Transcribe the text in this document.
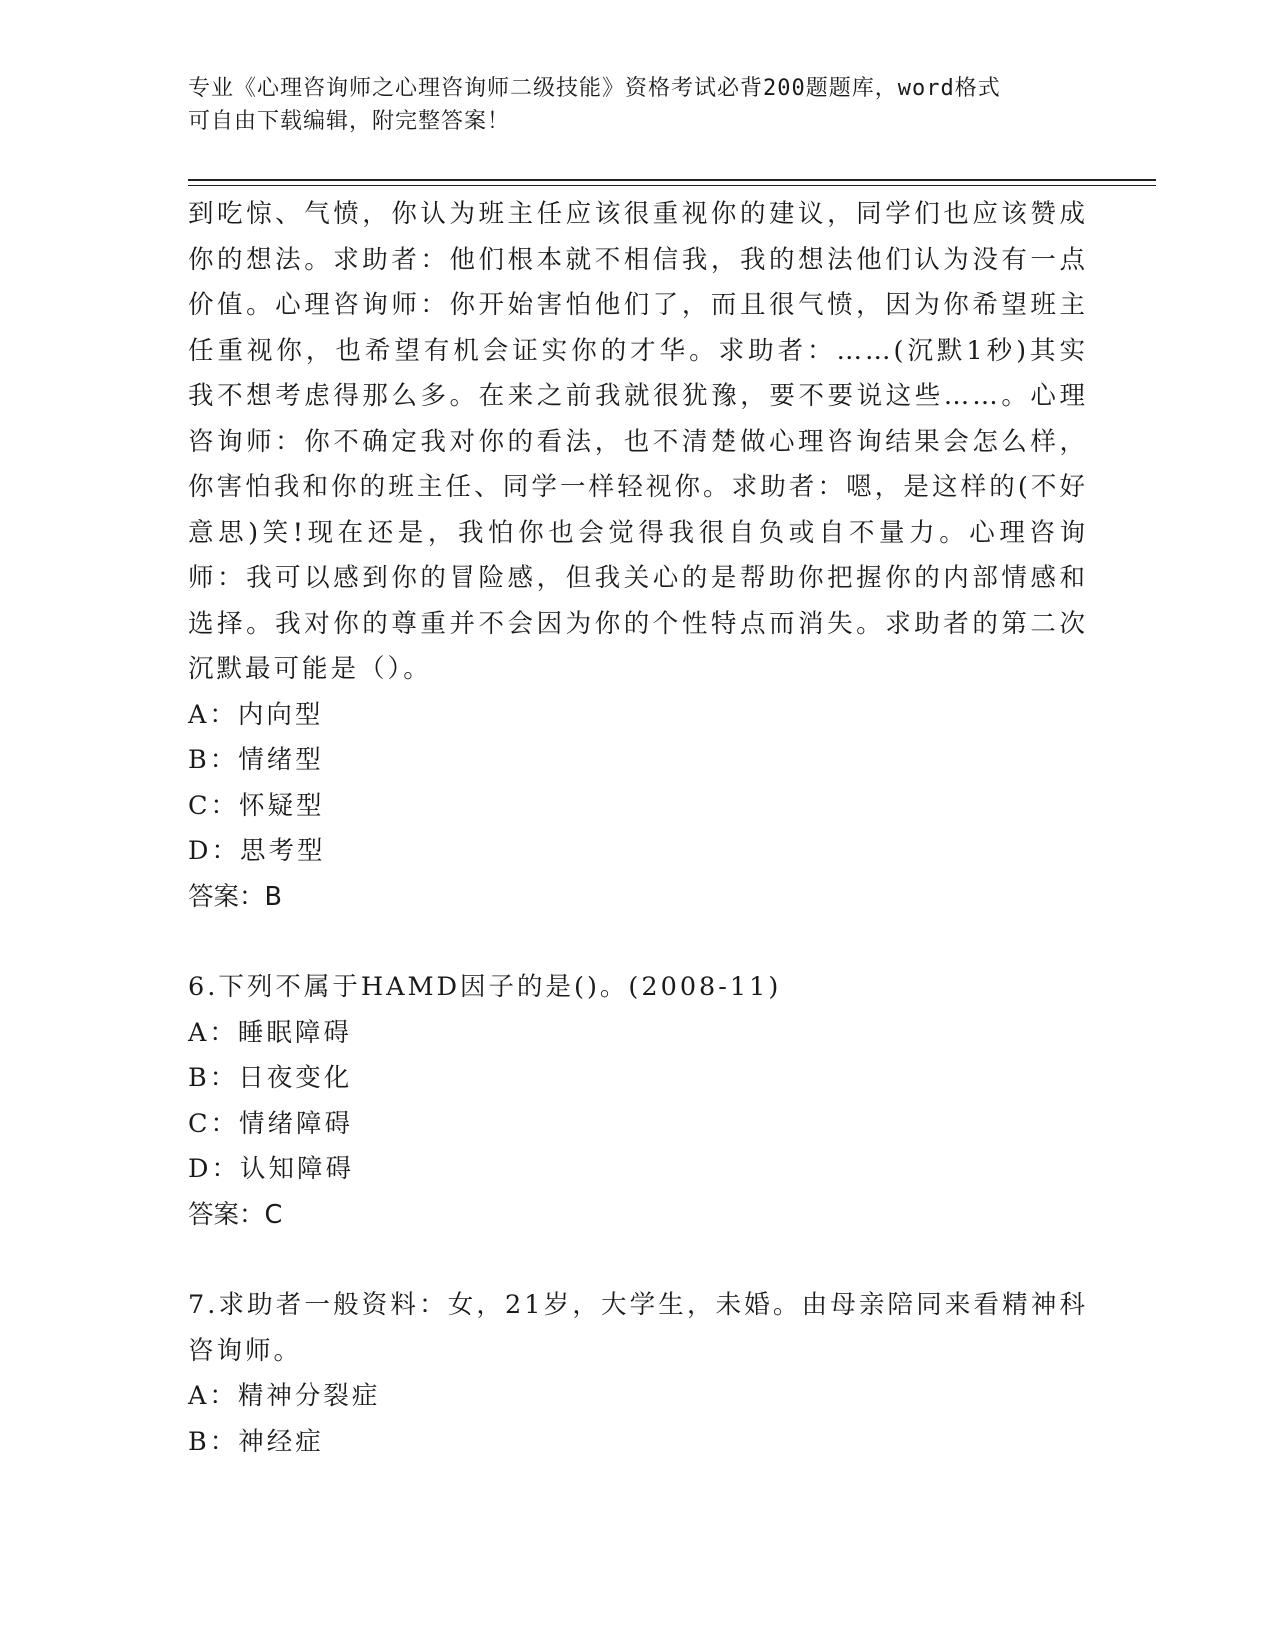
专业《心理咨询师之心理咨询师二级技能》资格考试必背200题题库，word格式
可自由下载编辑，附完整答案！
到吃惊、气愤，你认为班主任应该很重视你的建议，同学们也应该赞成你的想法。求助者：他们根本就不相信我，我的想法他们认为没有一点价值。心理咨询师：你开始害怕他们了，而且很气愤，因为你希望班主任重视你，也希望有机会证实你的才华。求助者：……(沉默1秒)其实我不想考虑得那么多。在来之前我就很犹豫，要不要说这些……。心理咨询师：你不确定我对你的看法，也不清楚做心理咨询结果会怎么样，你害怕我和你的班主任、同学一样轻视你。求助者：嗯，是这样的(不好意思)笑!现在还是，我怕你也会觉得我很自负或自不量力。心理咨询师：我可以感到你的冒险感，但我关心的是帮助你把握你的内部情感和选择。我对你的尊重并不会因为你的个性特点而消失。求助者的第二次沉默最可能是（）。
A：内向型
B：情绪型
C：怀疑型
D：思考型
答案：B
6.下列不属于HAMD因子的是()。(2008-11)
A：睡眠障碍
B：日夜变化
C：情绪障碍
D：认知障碍
答案：C
7.求助者一般资料：女，21岁，大学生，未婚。由母亲陪同来看精神科咨询师。
A：精神分裂症
B：神经症
